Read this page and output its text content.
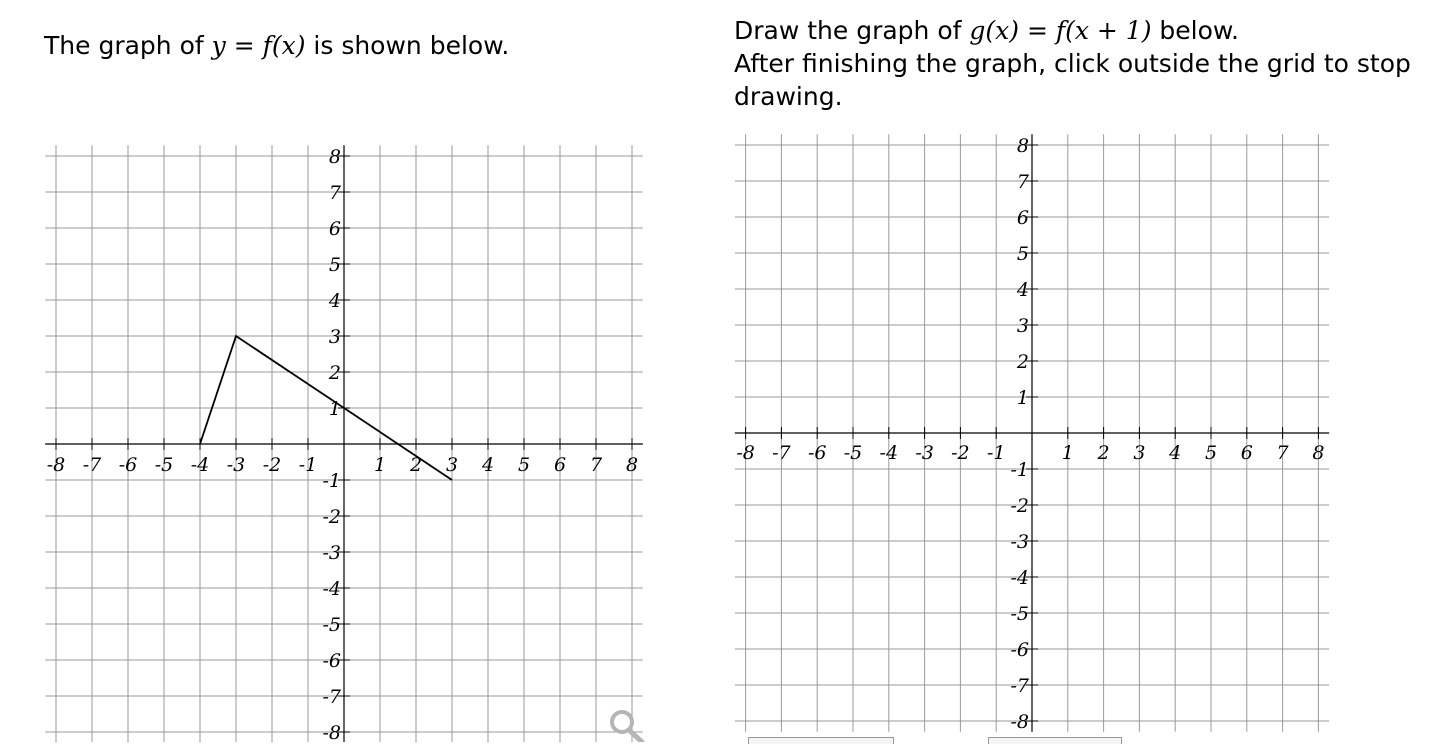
The graph of y = f(x) is shown below.
Draw the graph of g(x) = f(x + 1) below.
After finishing the graph, click outside the grid to stop drawing.
-8 -7 -6 -5 -4 -3 -2 -1	1 2 3 4 5 6 7 8
8
7
6
5
4
3
2
1
-1
-2
-3
-4
-5
-6
-7
-8
-8 -7 -6 -5 -4 -3 -2 -1	1 2 3 4 5 6 7 8
8
7
6
5
4
3
2
1
-1
-2
-3
-4
-5
-6
-7
-8
